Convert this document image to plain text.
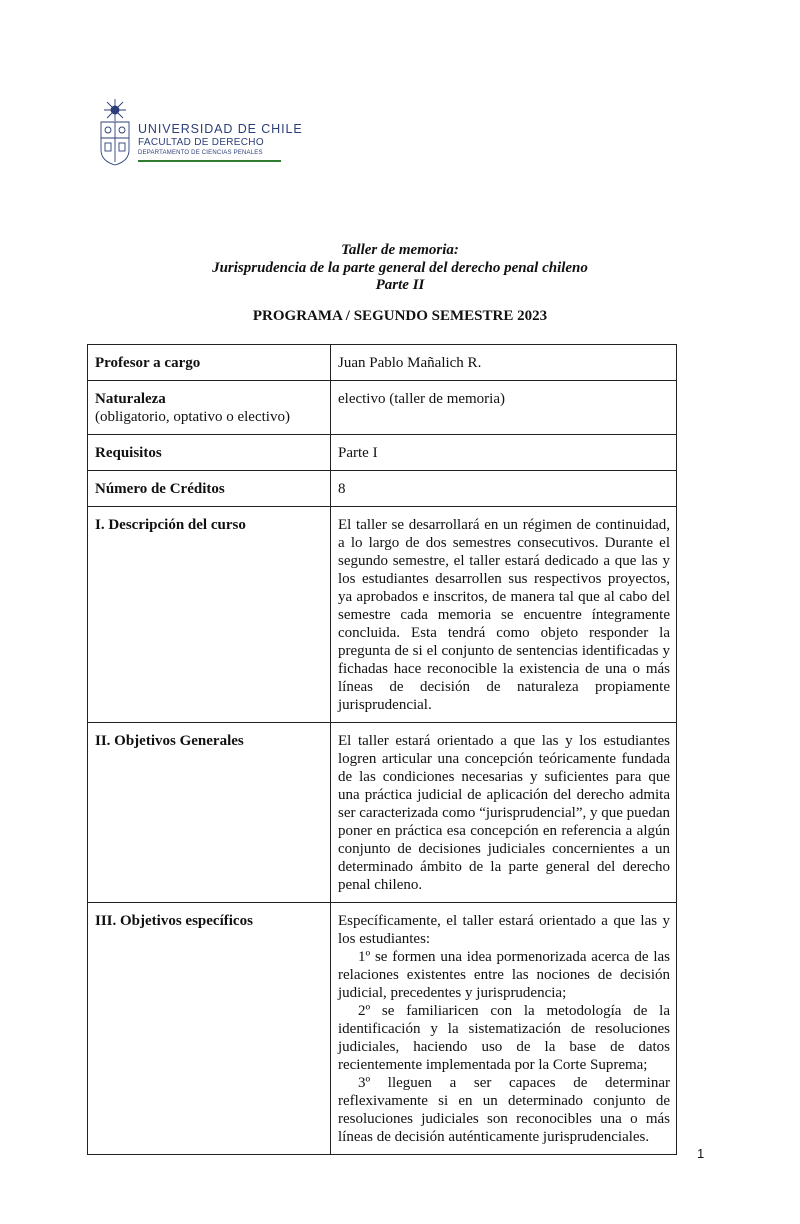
UNIVERSIDAD DE CHILE
FACULTAD DE DERECHO
DEPARTAMENTO DE CIENCIAS PENALES
Taller de memoria:
Jurisprudencia de la parte general del derecho penal chileno
Parte II
PROGRAMA / SEGUNDO SEMESTRE 2023
Profesor a cargo	Juan Pablo Mañalich R.

Naturaleza
(obligatorio, optativo o electivo)	electivo (taller de memoria)
Requisitos	Parte I
Número de Créditos	8
I. Descripción del curso	El taller se desarrollará en un régimen de continuidad, a lo largo de dos semestres consecutivos. Durante el segundo semestre, el taller estará dedicado a que las y los estudiantes desarrollen sus respectivos proyectos, ya aprobados e inscritos, de manera tal que al cabo del semestre cada memoria se encuentre íntegramente concluida. Esta tendrá como objeto responder la pregunta de si el conjunto de sentencias identificadas y fichadas hace reconocible la existencia de una o más líneas de decisión de naturaleza propiamente jurisprudencial.
II. Objetivos Generales	El taller estará orientado a que las y los estudiantes logren articular una concepción teóricamente fundada de las condiciones necesarias y suficientes para que una práctica judicial de aplicación del derecho admita ser caracterizada como “jurisprudencial”, y que puedan poner en práctica esa concepción en referencia a algún conjunto de decisiones judiciales concernientes a un determinado ámbito de la parte general del derecho penal chileno.
III. Objetivos específicos	Específicamente, el taller estará orientado a que las y los estudiantes:
1º se formen una idea pormenorizada acerca de las relaciones existentes entre las nociones de decisión judicial, precedentes y jurisprudencia;
2º se familiaricen con la metodología de la identificación y la sistematización de resoluciones judiciales, haciendo uso de la base de datos recientemente implementada por la Corte Suprema;
3º lleguen a ser capaces de determinar reflexivamente si en un determinado conjunto de resoluciones judiciales son reconocibles una o más líneas de decisión auténticamente jurisprudenciales.
1
